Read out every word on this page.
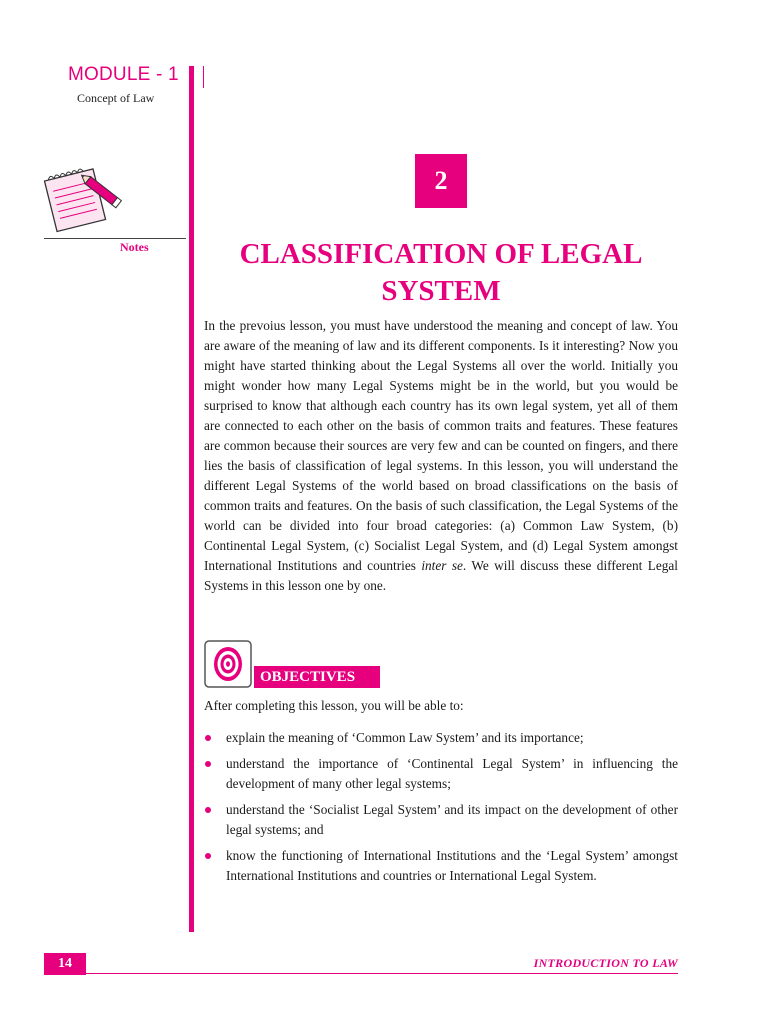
MODULE - 1
Concept of Law
Notes
2
CLASSIFICATION OF LEGAL SYSTEM

In the prevoius lesson, you must have understood the meaning and concept of law. You are aware of the meaning of law and its different components. Is it interesting? Now you might have started thinking about the Legal Systems all over the world. Initially you might wonder how many Legal Systems might be in the world, but you would be surprised to know that although each country has its own legal system, yet all of them are connected to each other on the basis of common traits and features. These features are common because their sources are very few and can be counted on fingers, and there lies the basis of classification of legal systems. In this lesson, you will understand the different Legal Systems of the world based on broad classifications on the basis of common traits and features. On the basis of such classification, the Legal Systems of the world can be divided into four broad categories: (a) Common Law System, (b) Continental Legal System, (c) Socialist Legal System, and (d) Legal System amongst International Institutions and countries inter se. We will discuss these different Legal Systems in this lesson one by one.

OBJECTIVES
After completing this lesson, you will be able to:
explain the meaning of ‘Common Law System’ and its importance;
understand the importance of ‘Continental Legal System’ in influencing the development of many other legal systems;
understand the ‘Socialist Legal System’ and its impact on the development of other legal systems; and
know the functioning of International Institutions and the ‘Legal System’ amongst International Institutions and countries or International Legal System.
14	INTRODUCTION TO LAW
